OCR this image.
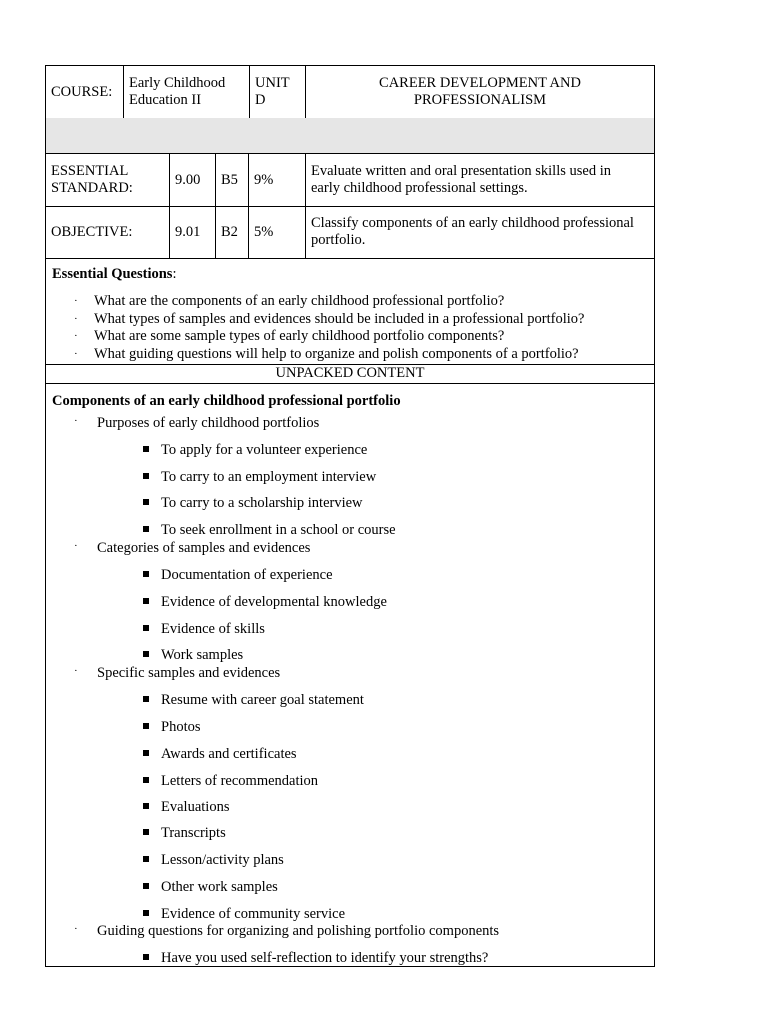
COURSE:
Early Childhood
Education II
UNIT
D
CAREER DEVELOPMENT AND
PROFESSIONALISM
ESSENTIAL
STANDARD:
9.00 B5 9%
Evaluate written and oral presentation skills used in
early childhood professional settings.
OBJECTIVE:	9.01 B2 5%
Classify components of an early childhood professional
portfolio.
Essential Questions:
· What are the components of an early childhood professional portfolio?
· What types of samples and evidences should be included in a professional portfolio?
· What are some sample types of early childhood portfolio components?
· What guiding questions will help to organize and polish components of a portfolio?
UNPACKED CONTENT
Components of an early childhood professional portfolio
· Purposes of early childhood portfolios
To apply for a volunteer experience
To carry to an employment interview
To carry to a scholarship interview
To seek enrollment in a school or course
· Categories of samples and evidences
Documentation of experience
Evidence of developmental knowledge
Evidence of skills
Work samples
· Specific samples and evidences
Resume with career goal statement
Photos
Awards and certificates
Letters of recommendation
Evaluations
Transcripts
Lesson/activity plans
Other work samples
Evidence of community service
· Guiding questions for organizing and polishing portfolio components
Have you used self-reflection to identify your strengths?
